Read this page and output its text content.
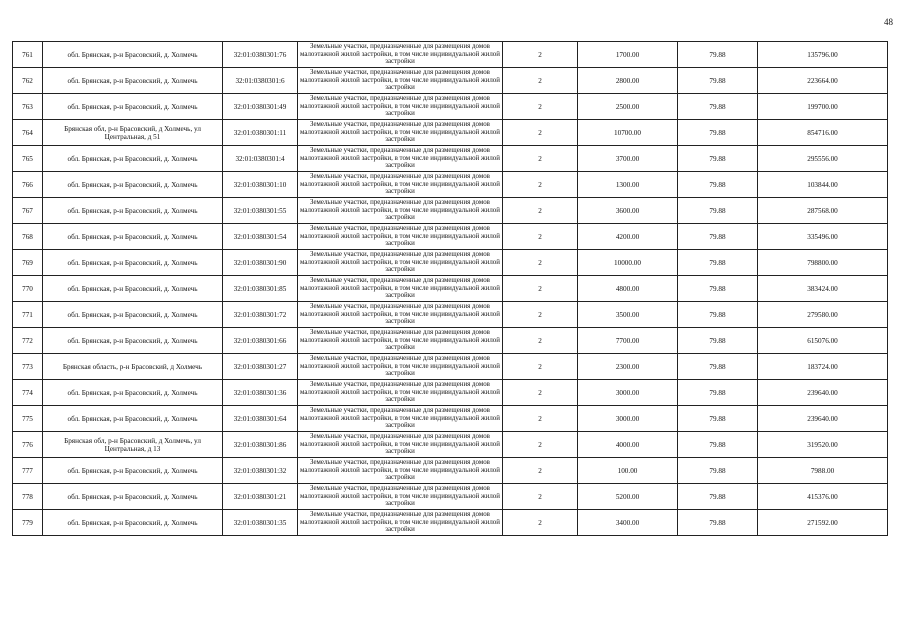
48
761	обл. Брянская, р-н Брасовский, д. Холмечь	32:01:0380301:76	Земельные участки, предназначенные для размещения домов малоэтажной жилой застройки, в том числе индивидуальной жилой застройки	2	1700.00	79.88	135796.00
762	обл. Брянская, р-н Брасовский, д. Холмечь	32:01:0380301:6	Земельные участки, предназначенные для размещения домов малоэтажной жилой застройки, в том числе индивидуальной жилой застройки	2	2800.00	79.88	223664.00
763	обл. Брянская, р-н Брасовский, д. Холмечь	32:01:0380301:49	Земельные участки, предназначенные для размещения домов малоэтажной жилой застройки, в том числе индивидуальной жилой застройки	2	2500.00	79.88	199700.00
764	Брянская обл, р-н Брасовский, д Холмечь, ул Центральная, д 51	32:01:0380301:11	Земельные участки, предназначенные для размещения домов малоэтажной жилой застройки, в том числе индивидуальной жилой застройки	2	10700.00	79.88	854716.00
765	обл. Брянская, р-н Брасовский, д. Холмечь	32:01:0380301:4	Земельные участки, предназначенные для размещения домов малоэтажной жилой застройки, в том числе индивидуальной жилой застройки	2	3700.00	79.88	295556.00
766	обл. Брянская, р-н Брасовский, д. Холмечь	32:01:0380301:10	Земельные участки, предназначенные для размещения домов малоэтажной жилой застройки, в том числе индивидуальной жилой застройки	2	1300.00	79.88	103844.00
767	обл. Брянская, р-н Брасовский, д. Холмечь	32:01:0380301:55	Земельные участки, предназначенные для размещения домов малоэтажной жилой застройки, в том числе индивидуальной жилой застройки	2	3600.00	79.88	287568.00
768	обл. Брянская, р-н Брасовский, д. Холмечь	32:01:0380301:54	Земельные участки, предназначенные для размещения домов малоэтажной жилой застройки, в том числе индивидуальной жилой застройки	2	4200.00	79.88	335496.00
769	обл. Брянская, р-н Брасовский, д. Холмечь	32:01:0380301:90	Земельные участки, предназначенные для размещения домов малоэтажной жилой застройки, в том числе индивидуальной жилой застройки	2	10000.00	79.88	798800.00
770	обл. Брянская, р-н Брасовский, д. Холмечь	32:01:0380301:85	Земельные участки, предназначенные для размещения домов малоэтажной жилой застройки, в том числе индивидуальной жилой застройки	2	4800.00	79.88	383424.00
771	обл. Брянская, р-н Брасовский, д. Холмечь	32:01:0380301:72	Земельные участки, предназначенные для размещения домов малоэтажной жилой застройки, в том числе индивидуальной жилой застройки	2	3500.00	79.88	279580.00
772	обл. Брянская, р-н Брасовский, д. Холмечь	32:01:0380301:66	Земельные участки, предназначенные для размещения домов малоэтажной жилой застройки, в том числе индивидуальной жилой застройки	2	7700.00	79.88	615076.00
773	Брянская область, р-н Брасовский, д Холмечь	32:01:0380301:27	Земельные участки, предназначенные для размещения домов малоэтажной жилой застройки, в том числе индивидуальной жилой застройки	2	2300.00	79.88	183724.00
774	обл. Брянская, р-н Брасовский, д. Холмечь	32:01:0380301:36	Земельные участки, предназначенные для размещения домов малоэтажной жилой застройки, в том числе индивидуальной жилой застройки	2	3000.00	79.88	239640.00
775	обл. Брянская, р-н Брасовский, д. Холмечь	32:01:0380301:64	Земельные участки, предназначенные для размещения домов малоэтажной жилой застройки, в том числе индивидуальной жилой застройки	2	3000.00	79.88	239640.00
776	Брянская обл, р-н Брасовский, д Холмечь, ул Центральная, д 13	32:01:0380301:86	Земельные участки, предназначенные для размещения домов малоэтажной жилой застройки, в том числе индивидуальной жилой застройки	2	4000.00	79.88	319520.00
777	обл. Брянская, р-н Брасовский, д. Холмечь	32:01:0380301:32	Земельные участки, предназначенные для размещения домов малоэтажной жилой застройки, в том числе индивидуальной жилой застройки	2	100.00	79.88	7988.00
778	обл. Брянская, р-н Брасовский, д. Холмечь	32:01:0380301:21	Земельные участки, предназначенные для размещения домов малоэтажной жилой застройки, в том числе индивидуальной жилой застройки	2	5200.00	79.88	415376.00
779	обл. Брянская, р-н Брасовский, д. Холмечь	32:01:0380301:35	Земельные участки, предназначенные для размещения домов малоэтажной жилой застройки, в том числе индивидуальной жилой застройки	2	3400.00	79.88	271592.00
